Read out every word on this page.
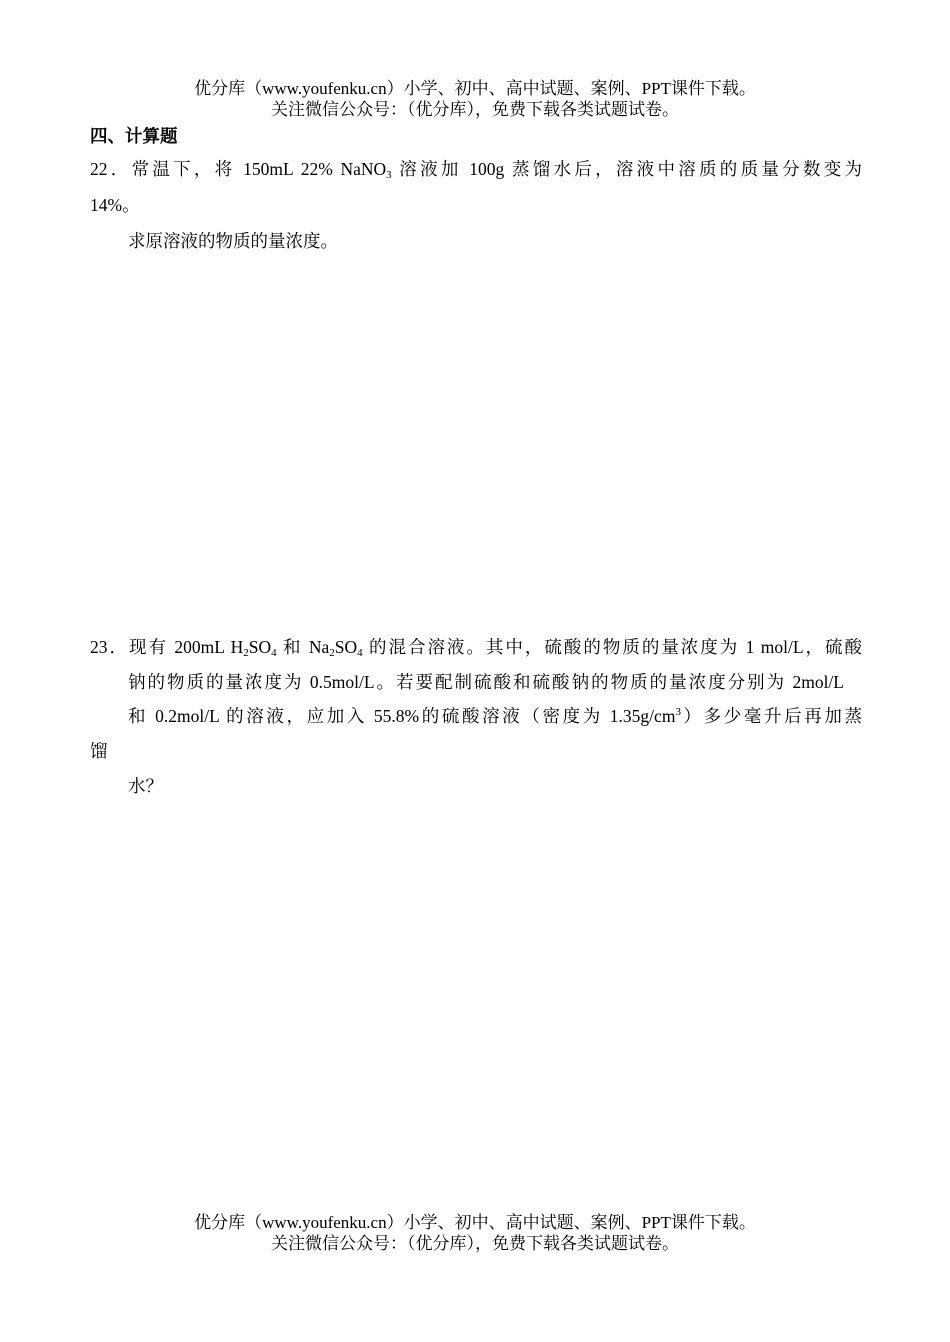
优分库（www.youfenku.cn）小学、初中、高中试题、案例、PPT课件下载。
关注微信公众号：（优分库），免费下载各类试题试卷。
四、计算题
22．常温下，将 150mL 22% NaNO$_3$ 溶液加 100g 蒸馏水后，溶液中溶质的质量分数变为
14%。
求原溶液的物质的量浓度。
23．现有 200mL $H_2SO_4$ 和 $Na_2SO_4$ 的混合溶液。其中，硫酸的物质的量浓度为 1 mol/L，硫酸
钠的物质的量浓度为 0.5mol/L。若要配制硫酸和硫酸钠的物质的量浓度分别为 2mol/L
和 0.2mol/L 的溶液，应加入 55.8%的硫酸溶液（密度为 $1.35g/cm^3$）多少毫升后再加蒸
馏
水？
优分库（www.youfenku.cn）小学、初中、高中试题、案例、PPT课件下载。
关注微信公众号：（优分库），免费下载各类试题试卷。
